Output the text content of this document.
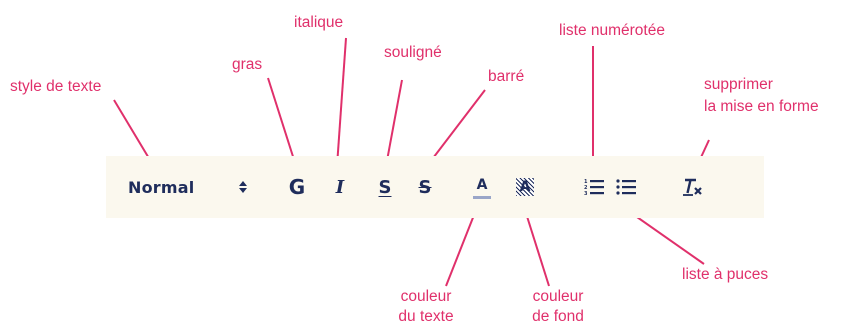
Normal	G I S S	A A	1
2
3
style de texte
gras
italique
souligné
barré
liste numérotée
supprimer
la mise en forme
couleur
du texte
couleur
de fond
liste à puces
